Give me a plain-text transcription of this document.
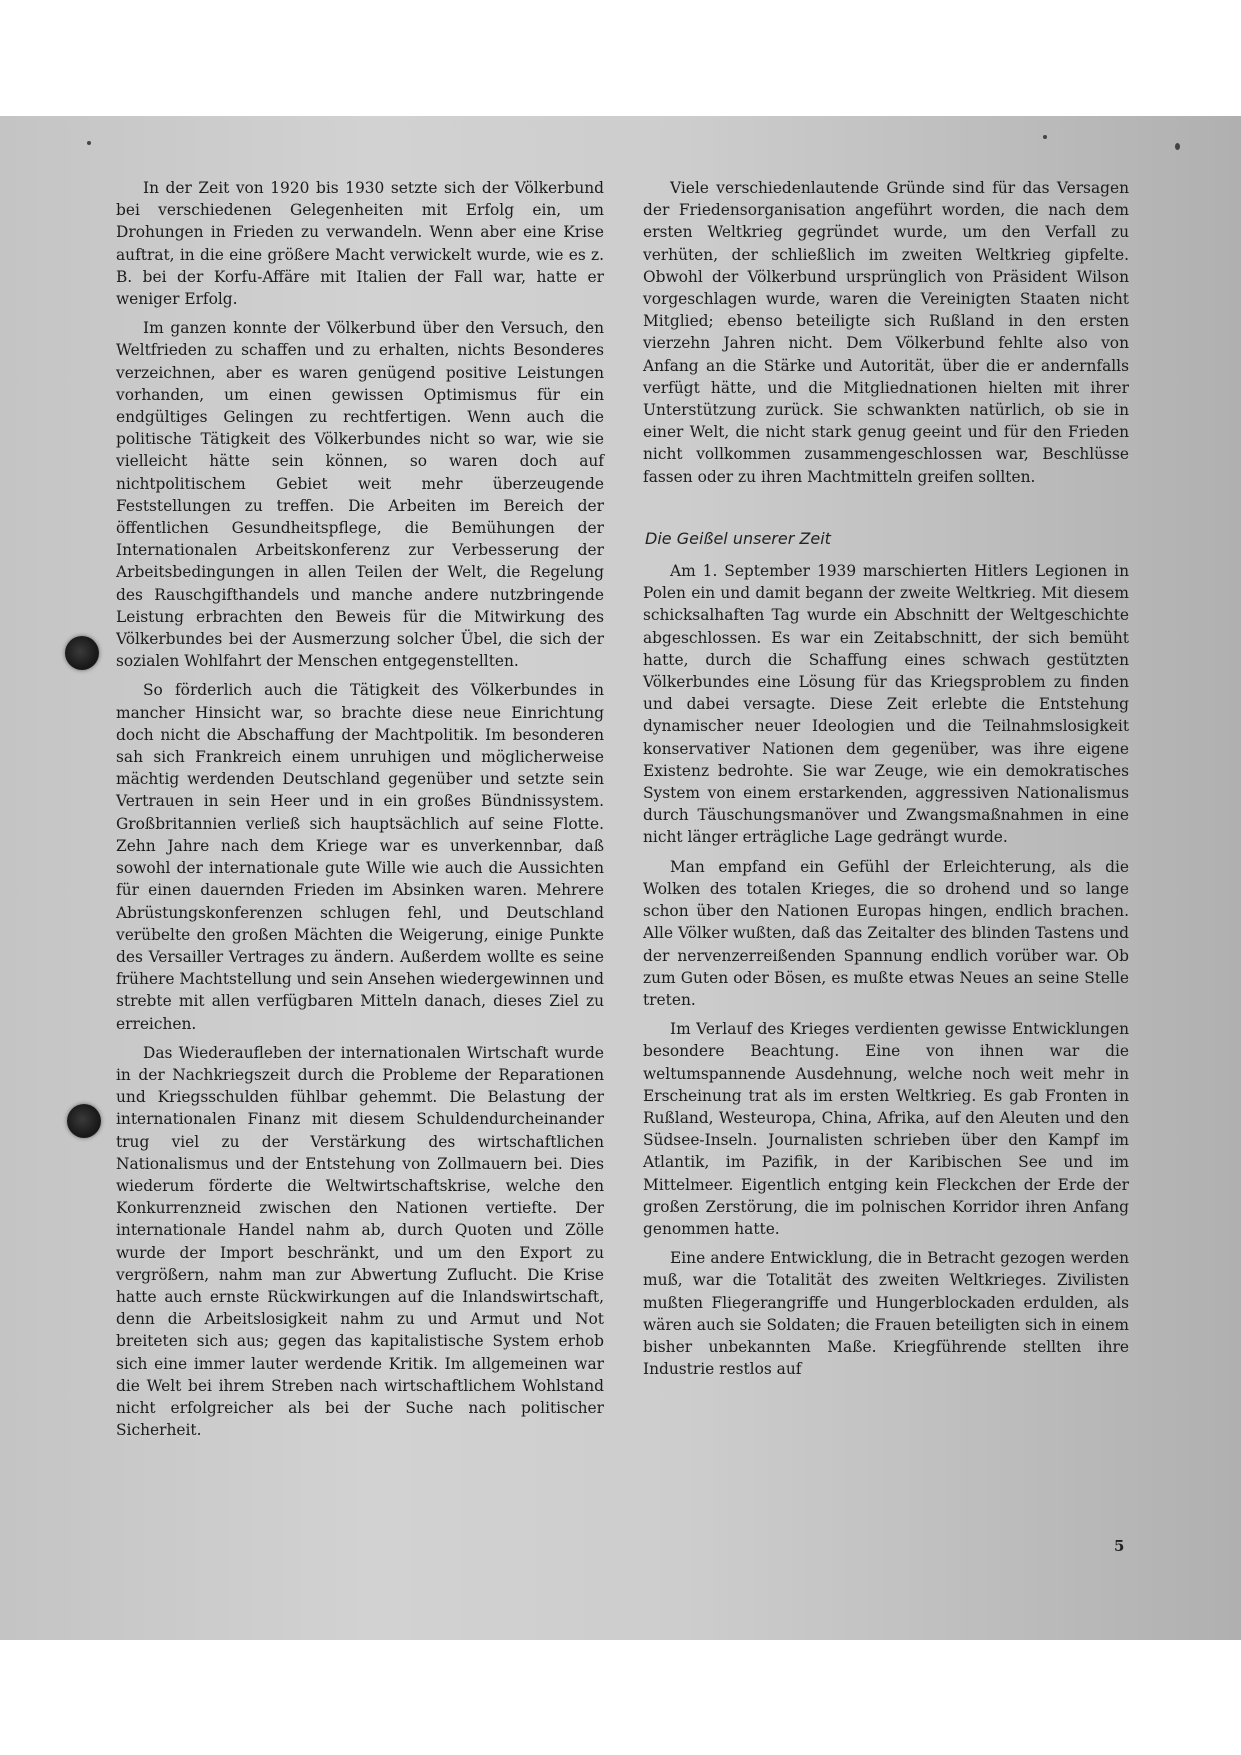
In der Zeit von 1920 bis 1930 setzte sich der Völkerbund bei verschiedenen Gelegenheiten mit Erfolg ein, um Drohungen in Frieden zu verwandeln. Wenn aber eine Krise auftrat, in die eine größere Macht verwickelt wurde, wie es z. B. bei der Korfu-Affäre mit Italien der Fall war, hatte er weniger Erfolg.

Im ganzen konnte der Völkerbund über den Versuch, den Weltfrieden zu schaffen und zu erhalten, nichts Besonderes verzeichnen, aber es waren genügend positive Leistungen vorhanden, um einen gewissen Optimismus für ein endgültiges Gelingen zu rechtfertigen. Wenn auch die politische Tätigkeit des Völkerbundes nicht so war, wie sie vielleicht hätte sein können, so waren doch auf nichtpolitischem Gebiet weit mehr überzeugende Feststellungen zu treffen. Die Arbeiten im Bereich der öffentlichen Gesundheitspflege, die Bemühungen der Internationalen Arbeitskonferenz zur Verbesserung der Arbeitsbedingungen in allen Teilen der Welt, die Regelung des Rauschgifthandels und manche andere nutzbringende Leistung erbrachten den Beweis für die Mitwirkung des Völkerbundes bei der Ausmerzung solcher Übel, die sich der sozialen Wohlfahrt der Menschen entgegenstellten.

So förderlich auch die Tätigkeit des Völkerbundes in mancher Hinsicht war, so brachte diese neue Einrichtung doch nicht die Abschaffung der Machtpolitik. Im besonderen sah sich Frankreich einem unruhigen und möglicherweise mächtig werdenden Deutschland gegenüber und setzte sein Vertrauen in sein Heer und in ein großes Bündnissystem. Großbritannien verließ sich hauptsächlich auf seine Flotte. Zehn Jahre nach dem Kriege war es unverkennbar, daß sowohl der internationale gute Wille wie auch die Aussichten für einen dauernden Frieden im Absinken waren. Mehrere Abrüstungskonferenzen schlugen fehl, und Deutschland verübelte den großen Mächten die Weigerung, einige Punkte des Versailler Vertrages zu ändern. Außerdem wollte es seine frühere Machtstellung und sein Ansehen wiedergewinnen und strebte mit allen verfügbaren Mitteln danach, dieses Ziel zu erreichen.

Das Wiederaufleben der internationalen Wirtschaft wurde in der Nachkriegszeit durch die Probleme der Reparationen und Kriegsschulden fühlbar gehemmt. Die Belastung der internationalen Finanz mit diesem Schuldendurcheinander trug viel zu der Verstärkung des wirtschaftlichen Nationalismus und der Entstehung von Zollmauern bei. Dies wiederum förderte die Weltwirtschaftskrise, welche den Konkurrenzneid zwischen den Nationen vertiefte. Der internationale Handel nahm ab, durch Quoten und Zölle wurde der Import beschränkt, und um den Export zu vergrößern, nahm man zur Abwertung Zuflucht. Die Krise hatte auch ernste Rückwirkungen auf die Inlandswirtschaft, denn die Arbeitslosigkeit nahm zu und Armut und Not breiteten sich aus; gegen das kapitalistische System erhob sich eine immer lauter werdende Kritik. Im allgemeinen war die Welt bei ihrem Streben nach wirtschaftlichem Wohlstand nicht erfolgreicher als bei der Suche nach politischer Sicherheit.

Viele verschiedenlautende Gründe sind für das Versagen der Friedensorganisation angeführt worden, die nach dem ersten Weltkrieg gegründet wurde, um den Verfall zu verhüten, der schließlich im zweiten Weltkrieg gipfelte. Obwohl der Völkerbund ursprünglich von Präsident Wilson vorgeschlagen wurde, waren die Vereinigten Staaten nicht Mitglied; ebenso beteiligte sich Rußland in den ersten vierzehn Jahren nicht. Dem Völkerbund fehlte also von Anfang an die Stärke und Autorität, über die er andernfalls verfügt hätte, und die Mitgliednationen hielten mit ihrer Unterstützung zurück. Sie schwankten natürlich, ob sie in einer Welt, die nicht stark genug geeint und für den Frieden nicht vollkommen zusammengeschlossen war, Beschlüsse fassen oder zu ihren Machtmitteln greifen sollten.

Die Geißel unserer Zeit

Am 1. September 1939 marschierten Hitlers Legionen in Polen ein und damit begann der zweite Weltkrieg. Mit diesem schicksalhaften Tag wurde ein Abschnitt der Weltgeschichte abgeschlossen. Es war ein Zeitabschnitt, der sich bemüht hatte, durch die Schaffung eines schwach gestützten Völkerbundes eine Lösung für das Kriegsproblem zu finden und dabei versagte. Diese Zeit erlebte die Entstehung dynamischer neuer Ideologien und die Teilnahmslosigkeit konservativer Nationen dem gegenüber, was ihre eigene Existenz bedrohte. Sie war Zeuge, wie ein demokratisches System von einem erstarkenden, aggressiven Nationalismus durch Täuschungsmanöver und Zwangsmaßnahmen in eine nicht länger erträgliche Lage gedrängt wurde.

Man empfand ein Gefühl der Erleichterung, als die Wolken des totalen Krieges, die so drohend und so lange schon über den Nationen Europas hingen, endlich brachen. Alle Völker wußten, daß das Zeitalter des blinden Tastens und der nervenzerreißenden Spannung endlich vorüber war. Ob zum Guten oder Bösen, es mußte etwas Neues an seine Stelle treten.

Im Verlauf des Krieges verdienten gewisse Entwicklungen besondere Beachtung. Eine von ihnen war die weltumspannende Ausdehnung, welche noch weit mehr in Erscheinung trat als im ersten Weltkrieg. Es gab Fronten in Rußland, Westeuropa, China, Afrika, auf den Aleuten und den Südsee-Inseln. Journalisten schrieben über den Kampf im Atlantik, im Pazifik, in der Karibischen See und im Mittelmeer. Eigentlich entging kein Fleckchen der Erde der großen Zerstörung, die im polnischen Korridor ihren Anfang genommen hatte.

Eine andere Entwicklung, die in Betracht gezogen werden muß, war die Totalität des zweiten Weltkrieges. Zivilisten mußten Fliegerangriffe und Hungerblockaden erdulden, als wären auch sie Soldaten; die Frauen beteiligten sich in einem bisher unbekannten Maße. Kriegführende stellten ihre Industrie restlos auf

5
